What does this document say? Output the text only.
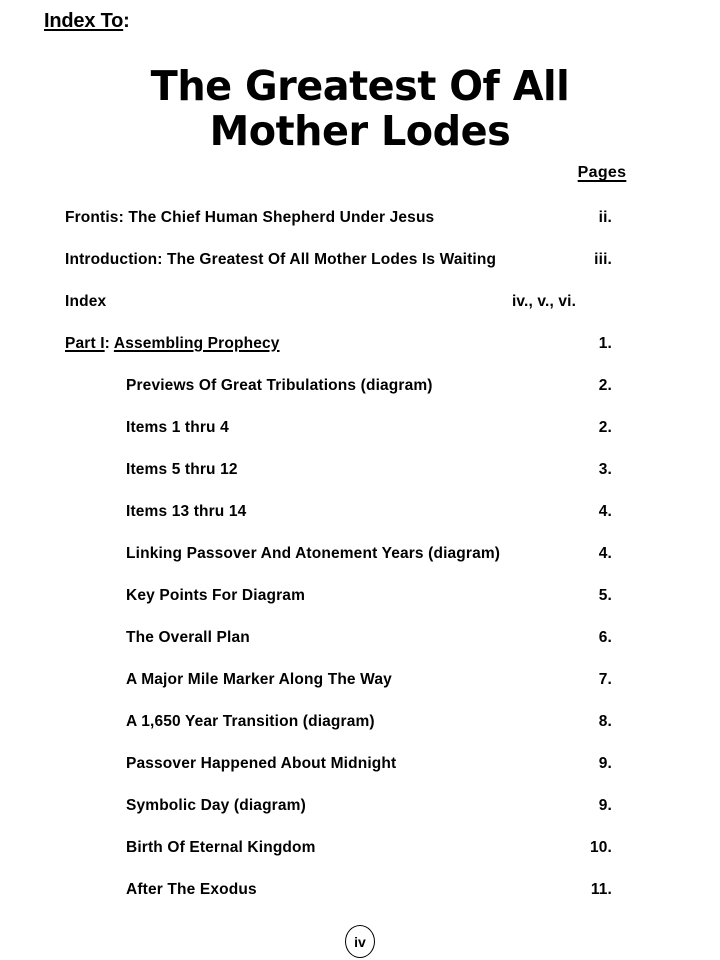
Index To:
The Greatest Of All
Mother Lodes
Pages
Frontis: The Chief Human Shepherd Under Jesus	ii.
Introduction: The Greatest Of All Mother Lodes Is Waiting	iii.
Index	iv., v., vi.
Part I: Assembling Prophecy	1.
Previews Of Great Tribulations (diagram)	2.
Items 1 thru 4	2.
Items 5 thru 12	3.
Items 13 thru 14	4.
Linking Passover And Atonement Years (diagram)	4.
Key Points For Diagram	5.
The Overall Plan	6.
A Major Mile Marker Along The Way	7.
A 1,650 Year Transition (diagram)	8.
Passover Happened About Midnight	9.
Symbolic Day (diagram)	9.
Birth Of Eternal Kingdom	10.
After The Exodus	11.
iv
